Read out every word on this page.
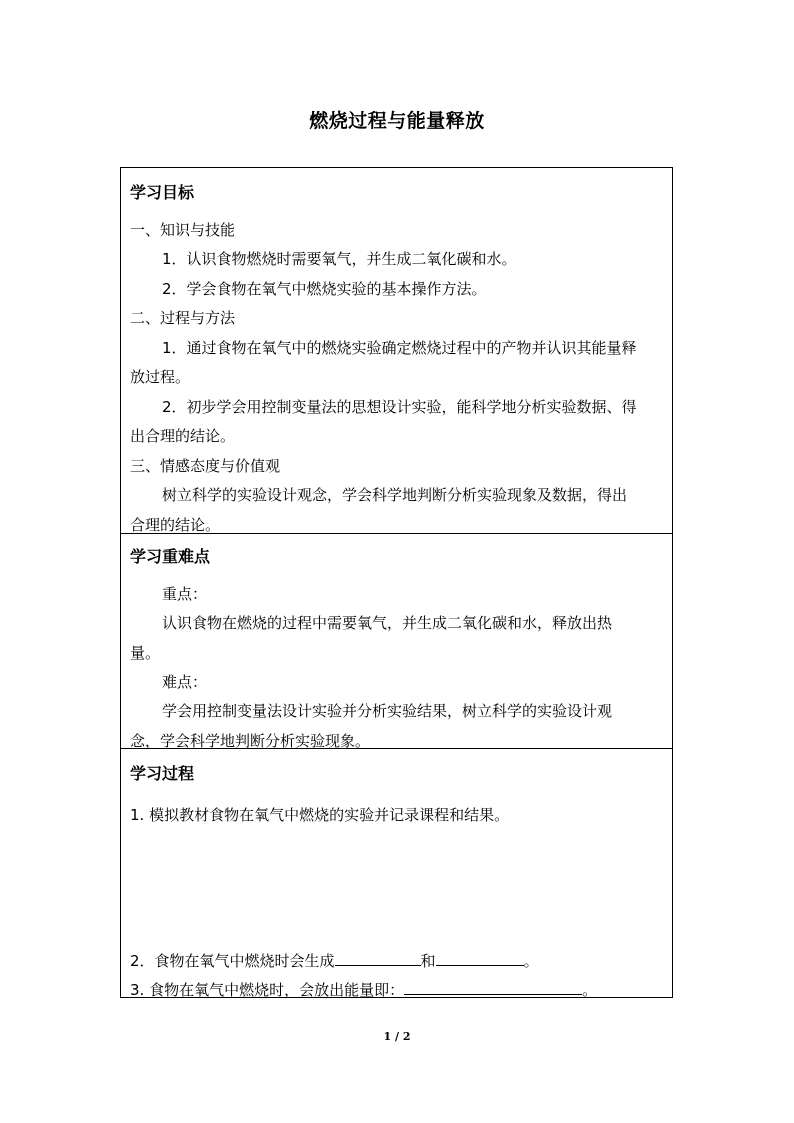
燃烧过程与能量释放
学习目标
一、知识与技能
1．认识食物燃烧时需要氧气，并生成二氧化碳和水。
2．学会食物在氧气中燃烧实验的基本操作方法。
二、过程与方法
1．通过食物在氧气中的燃烧实验确定燃烧过程中的产物并认识其能量释
放过程。
2．初步学会用控制变量法的思想设计实验，能科学地分析实验数据、得
出合理的结论。
三、情感态度与价值观
树立科学的实验设计观念，学会科学地判断分析实验现象及数据，得出
合理的结论。
学习重难点
重点：
认识食物在燃烧的过程中需要氧气，并生成二氧化碳和水，释放出热
量。
难点：
学会用控制变量法设计实验并分析实验结果，树立科学的实验设计观
念，学会科学地判断分析实验现象。
学习过程
1. 模拟教材食物在氧气中燃烧的实验并记录课程和结果。
2．食物在氧气中燃烧时会生成	和	。
3. 食物在氧气中燃烧时，会放出能量即：	。
1 / 2
